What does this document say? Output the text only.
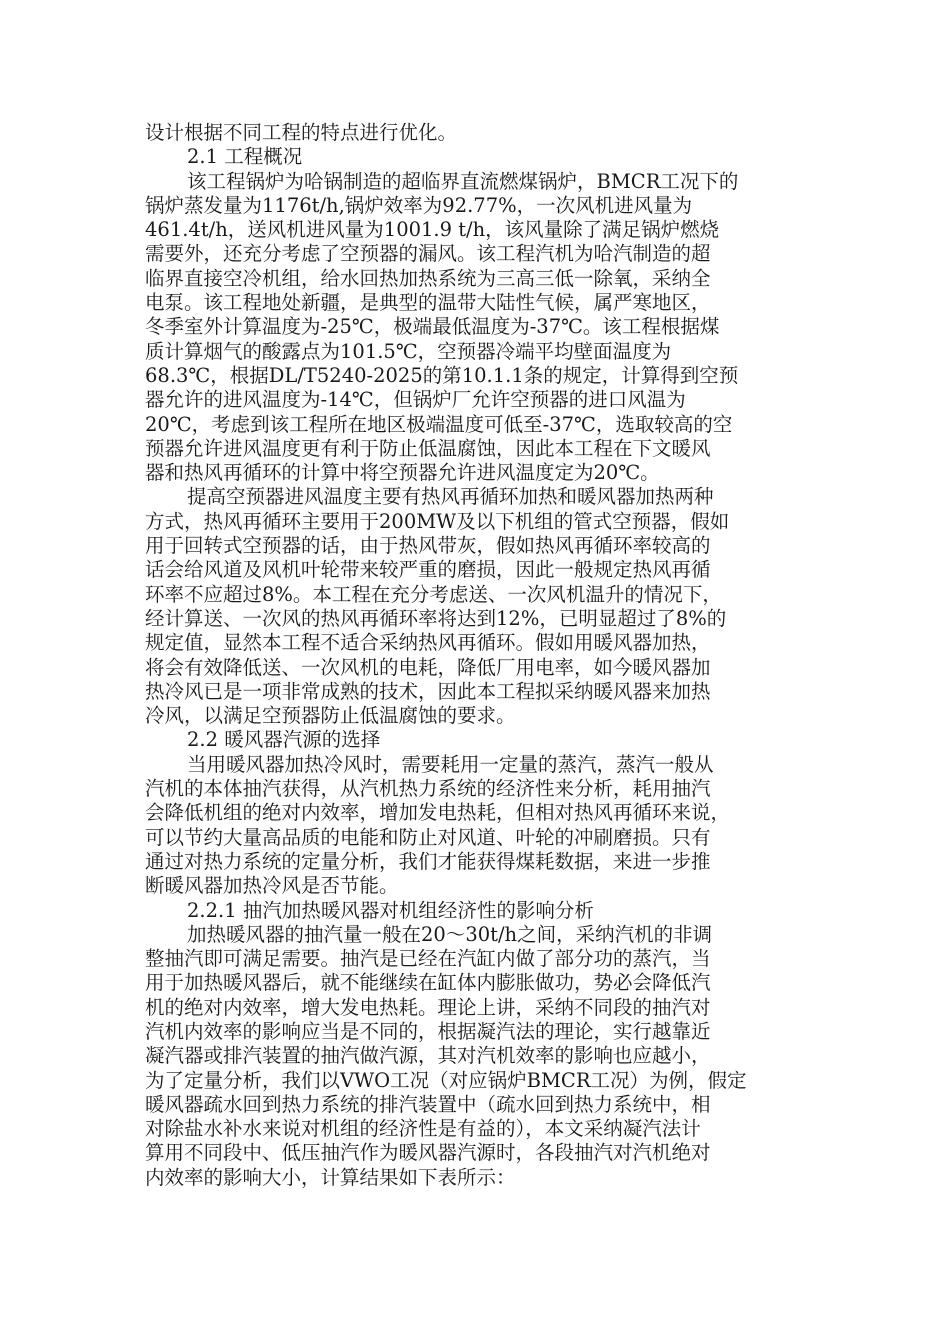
设计根据不同工程的特点进行优化。
2.1 工程概况
该工程锅炉为哈锅制造的超临界直流燃煤锅炉，BMCR工况下的
锅炉蒸发量为1176t/h,锅炉效率为92.77%，一次风机进风量为
461.4t/h，送风机进风量为1001.9 t/h，该风量除了满足锅炉燃烧
需要外，还充分考虑了空预器的漏风。该工程汽机为哈汽制造的超
临界直接空冷机组，给水回热加热系统为三高三低一除氧，采纳全
电泵。该工程地处新疆，是典型的温带大陆性气候，属严寒地区，
冬季室外计算温度为-25℃，极端最低温度为-37℃。该工程根据煤
质计算烟气的酸露点为101.5℃，空预器冷端平均壁面温度为
68.3℃，根据DL/T5240-2025的第10.1.1条的规定，计算得到空预
器允许的进风温度为-14℃，但锅炉厂允许空预器的进口风温为
20℃，考虑到该工程所在地区极端温度可低至-37℃，选取较高的空
预器允许进风温度更有利于防止低温腐蚀，因此本工程在下文暖风
器和热风再循环的计算中将空预器允许进风温度定为20℃。
提高空预器进风温度主要有热风再循环加热和暖风器加热两种
方式，热风再循环主要用于200MW及以下机组的管式空预器，假如
用于回转式空预器的话，由于热风带灰，假如热风再循环率较高的
话会给风道及风机叶轮带来较严重的磨损，因此一般规定热风再循
环率不应超过8%。本工程在充分考虑送、一次风机温升的情况下，
经计算送、一次风的热风再循环率将达到12%，已明显超过了8%的
规定值，显然本工程不适合采纳热风再循环。假如用暖风器加热，
将会有效降低送、一次风机的电耗，降低厂用电率，如今暖风器加
热冷风已是一项非常成熟的技术，因此本工程拟采纳暖风器来加热
冷风，以满足空预器防止低温腐蚀的要求。
2.2 暖风器汽源的选择
当用暖风器加热冷风时，需要耗用一定量的蒸汽，蒸汽一般从
汽机的本体抽汽获得，从汽机热力系统的经济性来分析，耗用抽汽
会降低机组的绝对内效率，增加发电热耗，但相对热风再循环来说，
可以节约大量高品质的电能和防止对风道、叶轮的冲刷磨损。只有
通过对热力系统的定量分析，我们才能获得煤耗数据，来进一步推
断暖风器加热冷风是否节能。
2.2.1 抽汽加热暖风器对机组经济性的影响分析
加热暖风器的抽汽量一般在20～30t/h之间，采纳汽机的非调
整抽汽即可满足需要。抽汽是已经在汽缸内做了部分功的蒸汽，当
用于加热暖风器后，就不能继续在缸体内膨胀做功，势必会降低汽
机的绝对内效率，增大发电热耗。理论上讲，采纳不同段的抽汽对
汽机内效率的影响应当是不同的，根据凝汽法的理论，实行越靠近
凝汽器或排汽装置的抽汽做汽源，其对汽机效率的影响也应越小，
为了定量分析，我们以VWO工况（对应锅炉BMCR工况）为例，假定
暖风器疏水回到热力系统的排汽装置中（疏水回到热力系统中，相
对除盐水补水来说对机组的经济性是有益的），本文采纳凝汽法计
算用不同段中、低压抽汽作为暖风器汽源时，各段抽汽对汽机绝对
内效率的影响大小，计算结果如下表所示：
